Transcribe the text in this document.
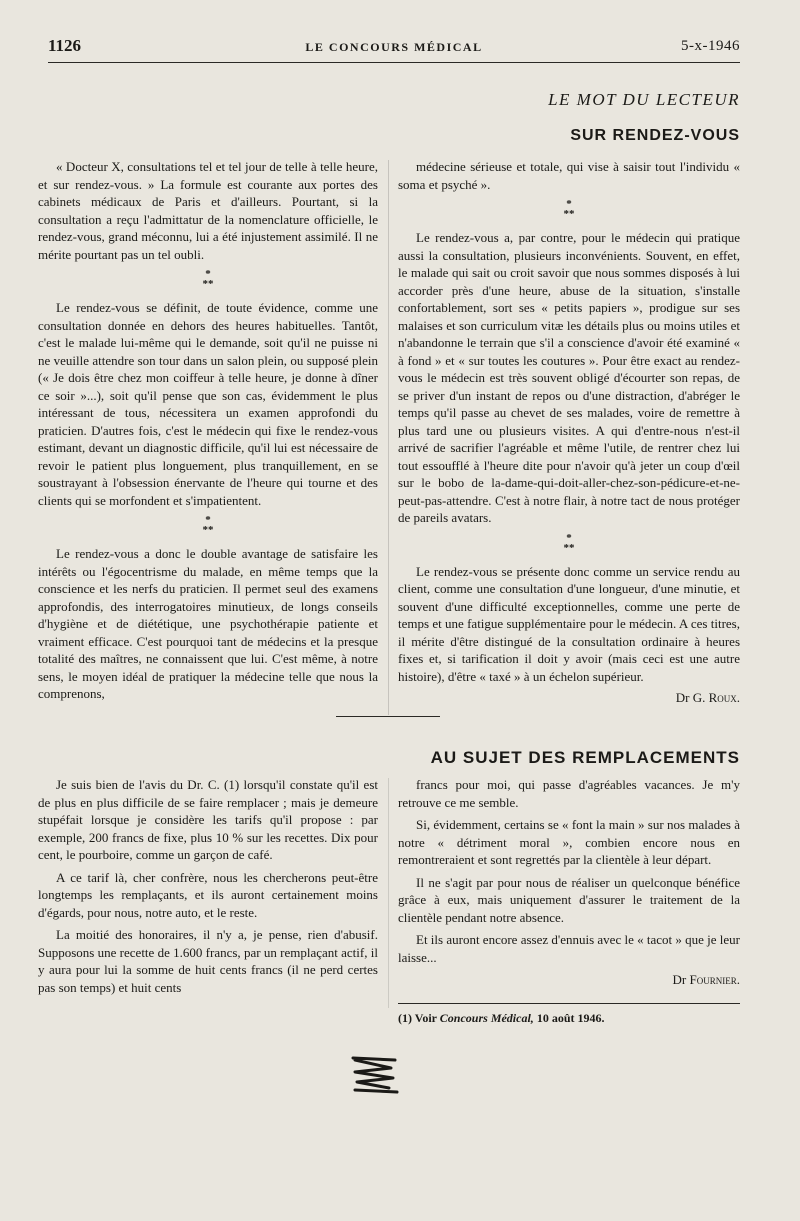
1126	LE CONCOURS MÉDICAL	5-x-1946
LE MOT DU LECTEUR
SUR RENDEZ-VOUS

« Docteur X, consultations tel et tel jour de telle à telle heure, et sur rendez-vous. » La formule est courante aux portes des cabinets médicaux de Paris et d'ailleurs. Pourtant, si la consultation a reçu l'admittatur de la nomenclature officielle, le rendez-vous, grand méconnu, lui a été injustement assimilé. Il ne mérite pourtant pas un tel oubli.

*
**

Le rendez-vous se définit, de toute évidence, comme une consultation donnée en dehors des heures habituelles. Tantôt, c'est le malade lui-même qui le demande, soit qu'il ne puisse ni ne veuille attendre son tour dans un salon plein, ou supposé plein (« Je dois être chez mon coiffeur à telle heure, je donne à dîner ce soir »...), soit qu'il pense que son cas, évidemment le plus intéressant de tous, nécessitera un examen approfondi du praticien. D'autres fois, c'est le médecin qui fixe le rendez-vous estimant, devant un diagnostic difficile, qu'il lui est nécessaire de revoir le patient plus longuement, plus tranquillement, en se soustrayant à l'obsession énervante de l'heure qui tourne et des clients qui se morfondent et s'impatientent.

*
**

Le rendez-vous a donc le double avantage de satisfaire les intérêts ou l'égocentrisme du malade, en même temps que la conscience et les nerfs du praticien. Il permet seul des examens approfondis, des interrogatoires minutieux, de longs conseils d'hygiène et de diététique, une psychothérapie patiente et vraiment efficace. C'est pourquoi tant de médecins et la presque totalité des maîtres, ne connaissent que lui. C'est même, à notre sens, le moyen idéal de pratiquer la médecine telle que nous la comprenons,

médecine sérieuse et totale, qui vise à saisir tout l'individu « soma et psyché ».

*
**

Le rendez-vous a, par contre, pour le médecin qui pratique aussi la consultation, plusieurs inconvénients. Souvent, en effet, le malade qui sait ou croit savoir que nous sommes disposés à lui accorder près d'une heure, abuse de la situation, s'installe confortablement, sort ses « petits papiers », prodigue sur ses malaises et son curriculum vitæ les détails plus ou moins utiles et n'abandonne le terrain que s'il a conscience d'avoir été examiné « à fond » et « sur toutes les coutures ». Pour être exact au rendez-vous le médecin est très souvent obligé d'écourter son repas, de se priver d'un instant de repos ou d'une distraction, d'abréger le temps qu'il passe au chevet de ses malades, voire de remettre à plus tard une ou plusieurs visites. A qui d'entre-nous n'est-il arrivé de sacrifier l'agréable et même l'utile, de rentrer chez lui tout essoufflé à l'heure dite pour n'avoir qu'à jeter un coup d'œil sur le bobo de la-dame-qui-doit-aller-chez-son-pédicure-et-ne-peut-pas-attendre. C'est à notre flair, à notre tact de nous protéger de pareils avatars.

*
**

Le rendez-vous se présente donc comme un service rendu au client, comme une consultation d'une longueur, d'une minutie, et souvent d'une difficulté exceptionnelles, comme une perte de temps et une fatigue supplémentaire pour le médecin. A ces titres, il mérite d'être distingué de la consultation ordinaire à heures fixes et, si tarification il doit y avoir (mais ceci est une autre histoire), d'être « taxé » à un échelon supérieur.

Dr G. Roux.
AU SUJET DES REMPLACEMENTS

Je suis bien de l'avis du Dr. C. (1) lorsqu'il constate qu'il est de plus en plus difficile de se faire remplacer ; mais je demeure stupéfait lorsque je considère les tarifs qu'il propose : par exemple, 200 francs de fixe, plus 10 % sur les recettes. Dix pour cent, le pourboire, comme un garçon de café.

A ce tarif là, cher confrère, nous les chercherons peut-être longtemps les remplaçants, et ils auront certainement moins d'égards, pour nous, notre auto, et le reste.

La moitié des honoraires, il n'y a, je pense, rien d'abusif. Supposons une recette de 1.600 francs, par un remplaçant actif, il y aura pour lui la somme de huit cents francs (il ne perd certes pas son temps) et huit cents

francs pour moi, qui passe d'agréables vacances. Je m'y retrouve ce me semble.

Si, évidemment, certains se « font la main » sur nos malades à notre « détriment moral », combien encore nous en remontreraient et sont regrettés par la clientèle à leur départ.

Il ne s'agit par pour nous de réaliser un quelconque bénéfice grâce à eux, mais uniquement d'assurer le traitement de la clientèle pendant notre absence.

Et ils auront encore assez d'ennuis avec le « tacot » que je leur laisse...

Dr Fournier.
(1) Voir Concours Médical, 10 août 1946.
